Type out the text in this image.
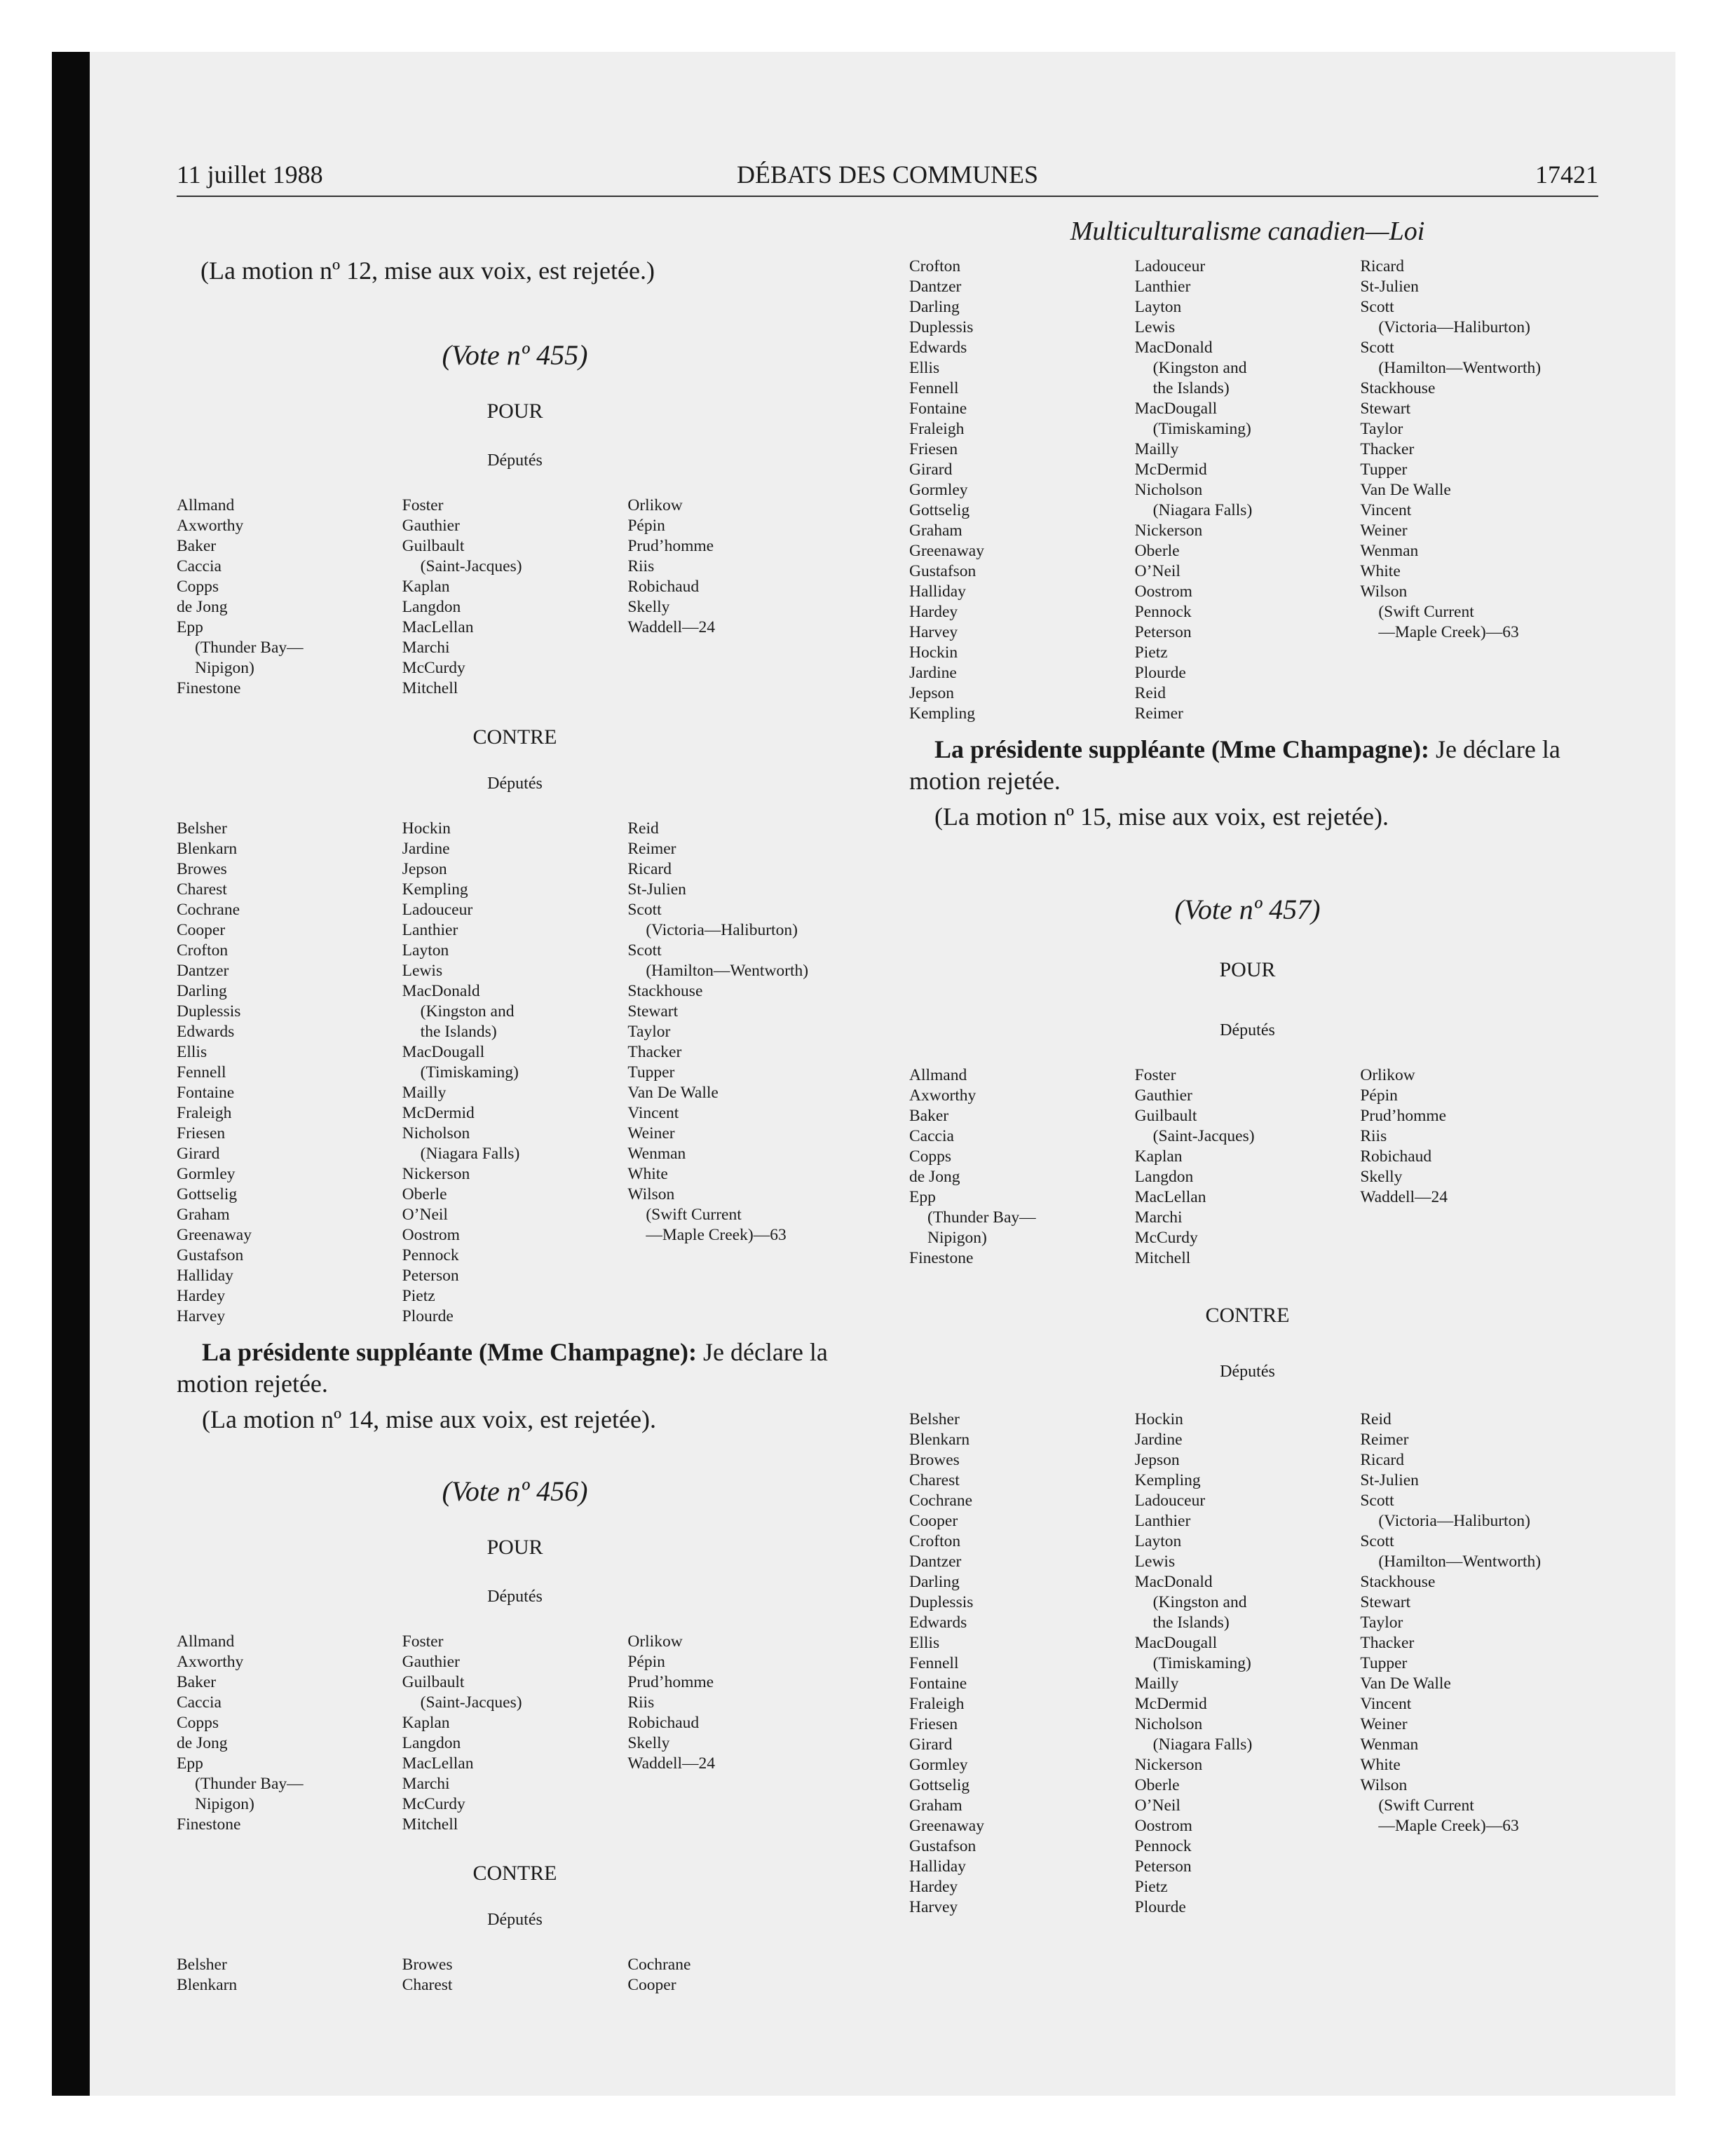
11 juillet 1988	DÉBATS DES COMMUNES	17421

(La motion nº 12, mise aux voix, est rejetée.)

(Vote nº 455)

POUR

Députés

Allmand
Axworthy
Baker
Caccia
Copps
de Jong
Epp
(Thunder Bay—
Nipigon)
Finestone
Foster
Gauthier
Guilbault
(Saint-Jacques)
Kaplan
Langdon
MacLellan
Marchi
McCurdy
Mitchell
Orlikow
Pépin
Prud’homme
Riis
Robichaud
Skelly
Waddell—24

CONTRE

Députés

Belsher
Blenkarn
Browes
Charest
Cochrane
Cooper
Crofton
Dantzer
Darling
Duplessis
Edwards
Ellis
Fennell
Fontaine
Fraleigh
Friesen
Girard
Gormley
Gottselig
Graham
Greenaway
Gustafson
Halliday
Hardey
Harvey
Hockin
Jardine
Jepson
Kempling
Ladouceur
Lanthier
Layton
Lewis
MacDonald
(Kingston and
the Islands)
MacDougall
(Timiskaming)
Mailly
McDermid
Nicholson
(Niagara Falls)
Nickerson
Oberle
O’Neil
Oostrom
Pennock
Peterson
Pietz
Plourde
Reid
Reimer
Ricard
St-Julien
Scott
(Victoria—Haliburton)
Scott
(Hamilton—Wentworth)
Stackhouse
Stewart
Taylor
Thacker
Tupper
Van De Walle
Vincent
Weiner
Wenman
White
Wilson
(Swift Current
—Maple Creek)—63

La présidente suppléante (Mme Champagne): Je déclare la motion rejetée.

(La motion nº 14, mise aux voix, est rejetée).

(Vote nº 456)

POUR

Députés

Allmand
Axworthy
Baker
Caccia
Copps
de Jong
Epp
(Thunder Bay—
Nipigon)
Finestone
Foster
Gauthier
Guilbault
(Saint-Jacques)
Kaplan
Langdon
MacLellan
Marchi
McCurdy
Mitchell
Orlikow
Pépin
Prud’homme
Riis
Robichaud
Skelly
Waddell—24

CONTRE

Députés

Belsher
Blenkarn
Browes
Charest
Cochrane
Cooper

Multiculturalisme canadien—Loi

Crofton
Dantzer
Darling
Duplessis
Edwards
Ellis
Fennell
Fontaine
Fraleigh
Friesen
Girard
Gormley
Gottselig
Graham
Greenaway
Gustafson
Halliday
Hardey
Harvey
Hockin
Jardine
Jepson
Kempling
Ladouceur
Lanthier
Layton
Lewis
MacDonald
(Kingston and
the Islands)
MacDougall
(Timiskaming)
Mailly
McDermid
Nicholson
(Niagara Falls)
Nickerson
Oberle
O’Neil
Oostrom
Pennock
Peterson
Pietz
Plourde
Reid
Reimer
Ricard
St-Julien
Scott
(Victoria—Haliburton)
Scott
(Hamilton—Wentworth)
Stackhouse
Stewart
Taylor
Thacker
Tupper
Van De Walle
Vincent
Weiner
Wenman
White
Wilson
(Swift Current
—Maple Creek)—63

La présidente suppléante (Mme Champagne): Je déclare la motion rejetée.

(La motion nº 15, mise aux voix, est rejetée).

(Vote nº 457)

POUR

Députés

Allmand
Axworthy
Baker
Caccia
Copps
de Jong
Epp
(Thunder Bay—
Nipigon)
Finestone
Foster
Gauthier
Guilbault
(Saint-Jacques)
Kaplan
Langdon
MacLellan
Marchi
McCurdy
Mitchell
Orlikow
Pépin
Prud’homme
Riis
Robichaud
Skelly
Waddell—24

CONTRE

Députés

Belsher
Blenkarn
Browes
Charest
Cochrane
Cooper
Crofton
Dantzer
Darling
Duplessis
Edwards
Ellis
Fennell
Fontaine
Fraleigh
Friesen
Girard
Gormley
Gottselig
Graham
Greenaway
Gustafson
Halliday
Hardey
Harvey
Hockin
Jardine
Jepson
Kempling
Ladouceur
Lanthier
Layton
Lewis
MacDonald
(Kingston and
the Islands)
MacDougall
(Timiskaming)
Mailly
McDermid
Nicholson
(Niagara Falls)
Nickerson
Oberle
O’Neil
Oostrom
Pennock
Peterson
Pietz
Plourde
Reid
Reimer
Ricard
St-Julien
Scott
(Victoria—Haliburton)
Scott
(Hamilton—Wentworth)
Stackhouse
Stewart
Taylor
Thacker
Tupper
Van De Walle
Vincent
Weiner
Wenman
White
Wilson
(Swift Current
—Maple Creek)—63
